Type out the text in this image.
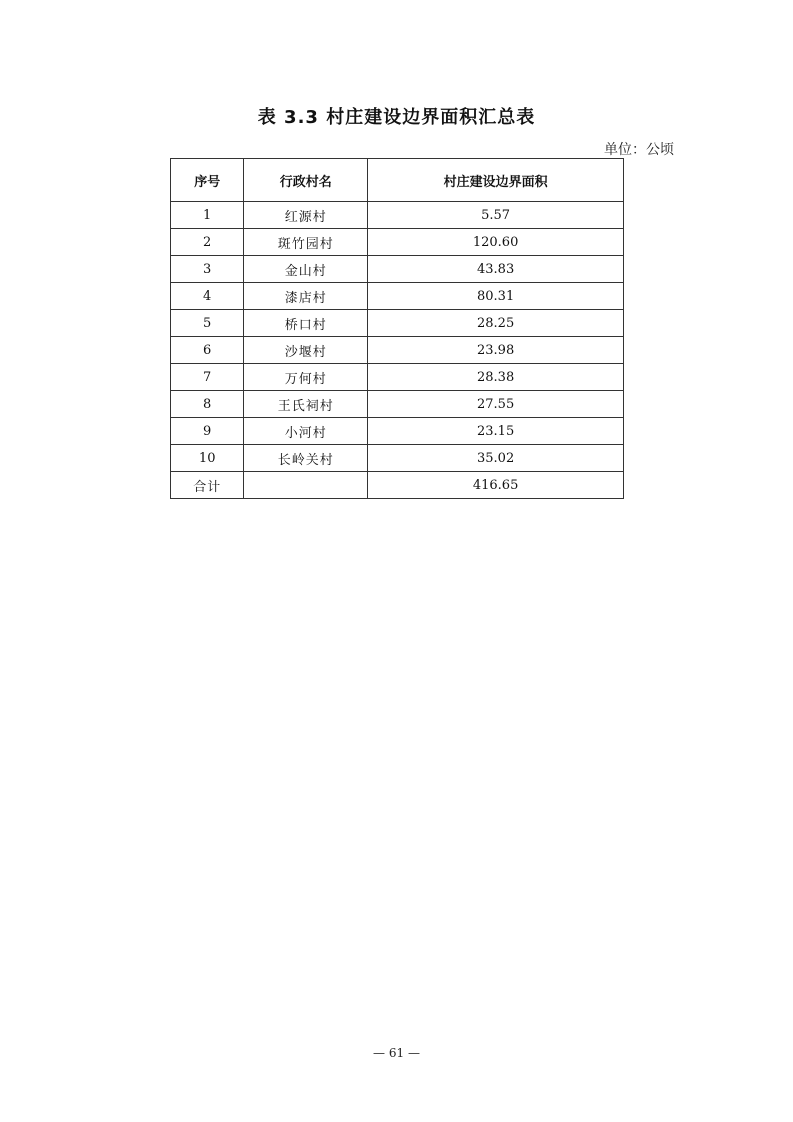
表 3.3 村庄建设边界面积汇总表
单位：公顷
序号	行政村名	村庄建设边界面积
1	红源村	5.57
2	斑竹园村	120.60
3	金山村	43.83
4	漆店村	80.31
5	桥口村	28.25
6	沙堰村	23.98
7	万何村	28.38
8	王氏祠村	27.55
9	小河村	23.15
10	长岭关村	35.02
合计		416.65
— 61 —
